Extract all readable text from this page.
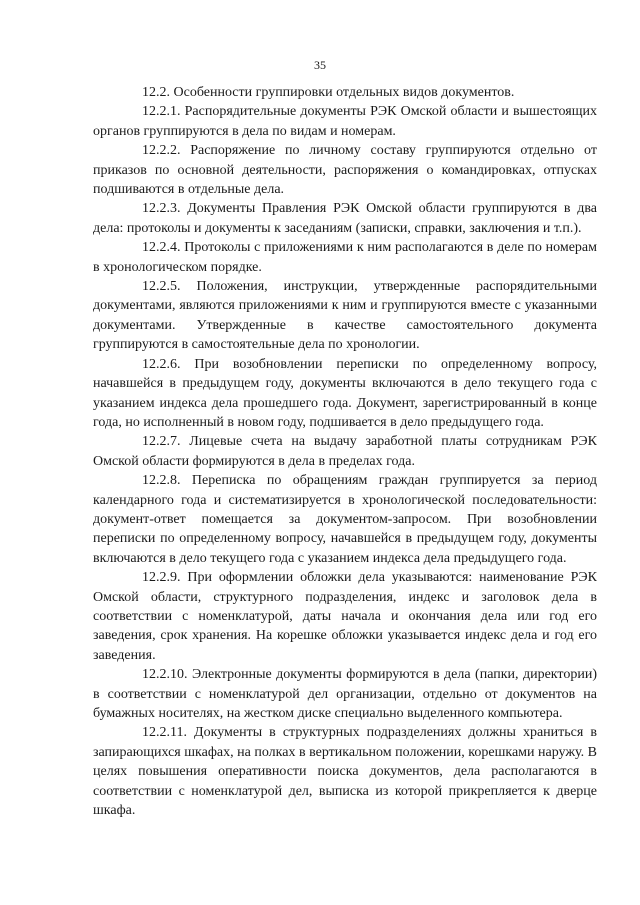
35

12.2. Особенности группировки отдельных видов документов.

12.2.1. Распорядительные документы РЭК Омской области и вышестоящих органов группируются в дела по видам и номерам.

12.2.2. Распоряжение по личному составу группируются отдельно от приказов по основной деятельности, распоряжения о командировках, отпусках подшиваются в отдельные дела.

12.2.3. Документы Правления РЭК Омской области группируются в два дела: протоколы и документы к заседаниям (записки, справки, заключения и т.п.).

12.2.4. Протоколы с приложениями к ним располагаются в деле по номерам в хронологическом порядке.

12.2.5. Положения, инструкции, утвержденные распорядительными документами, являются приложениями к ним и группируются вместе с указанными документами. Утвержденные в качестве самостоятельного документа группируются в самостоятельные дела по хронологии.

12.2.6. При возобновлении переписки по определенному вопросу, начавшейся в предыдущем году, документы включаются в дело текущего года с указанием индекса дела прошедшего года. Документ, зарегистрированный в конце года, но исполненный в новом году, подшивается в дело предыдущего года.

12.2.7. Лицевые счета на выдачу заработной платы сотрудникам РЭК Омской области формируются в дела в пределах года.

12.2.8. Переписка по обращениям граждан группируется за период календарного года и систематизируется в хронологической последовательности: документ-ответ помещается за документом-запросом. При возобновлении переписки по определенному вопросу, начавшейся в предыдущем году, документы включаются в дело текущего года с указанием индекса дела предыдущего года.

12.2.9. При оформлении обложки дела указываются: наименование РЭК Омской области, структурного подразделения, индекс и заголовок дела в соответствии с номенклатурой, даты начала и окончания дела или год его заведения, срок хранения. На корешке обложки указывается индекс дела и год его заведения.

12.2.10. Электронные документы формируются в дела (папки, директории) в соответствии с номенклатурой дел организации, отдельно от документов на бумажных носителях, на жестком диске специально выделенного компьютера.

12.2.11. Документы в структурных подразделениях должны храниться в запирающихся шкафах, на полках в вертикальном положении, корешками наружу. В целях повышения оперативности поиска документов, дела располагаются в соответствии с номенклатурой дел, выписка из которой прикрепляется к дверце шкафа.
